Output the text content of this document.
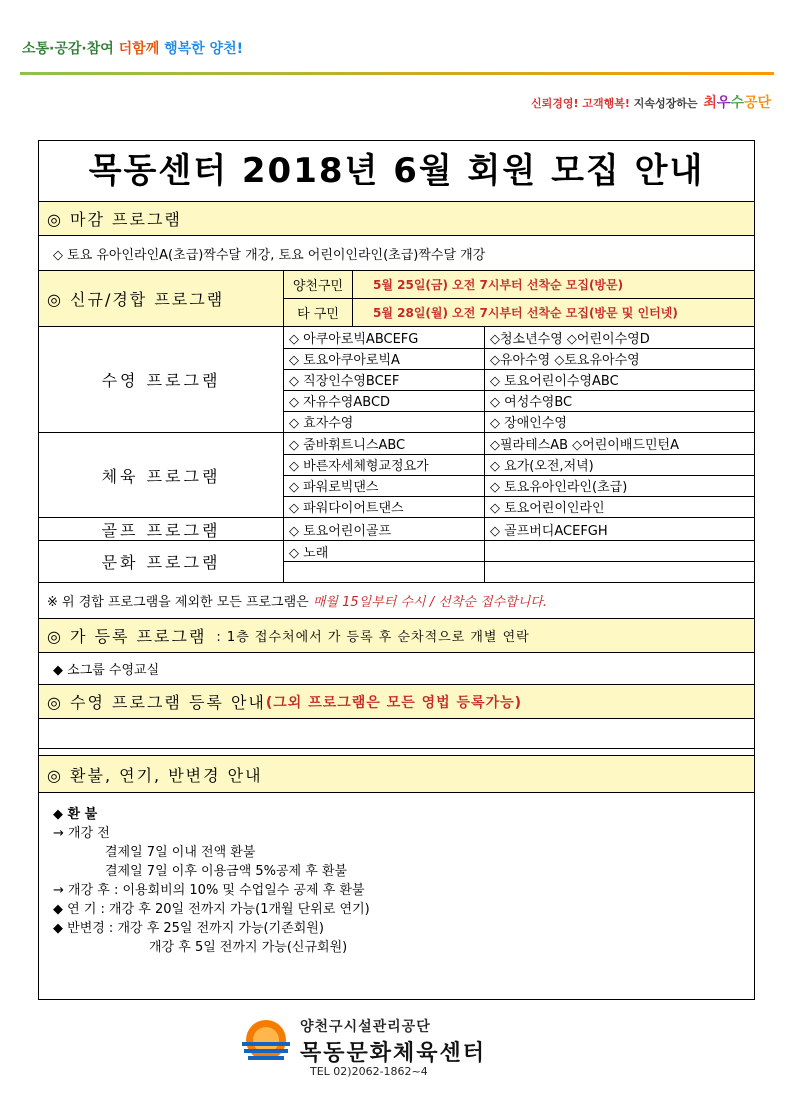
소통·공감·참여 더함께 행복한 양천!
신뢰경영! 고객행복! 지속성장하는 최우수공단
목동센터 2018년 6월 회원 모집 안내
◎ 마감 프로그램
◇ 토요 유아인라인A(초급)짝수달 개강, 토요 어린이인라인(초급)짝수달 개강
◎ 신규/경합 프로그램
양천구민	5월 25일(금) 오전 7시부터 선착순 모집(방문)
타 구민	5월 28일(월) 오전 7시부터 선착순 모집(방문 및 인터넷)
수영 프로그램
◇ 아쿠아로빅ABCEFG	◇청소년수영 ◇어린이수영D
◇ 토요아쿠아로빅A	◇유아수영 ◇토요유아수영
◇ 직장인수영BCEF	◇ 토요어린이수영ABC
◇ 자유수영ABCD	◇ 여성수영BC
◇ 효자수영	◇ 장애인수영
체육 프로그램
◇ 줌바휘트니스ABC	◇필라테스AB ◇어린이배드민턴A
◇ 바른자세체형교정요가	◇ 요가(오전,저녁)
◇ 파워로빅댄스	◇ 토요유아인라인(초급)
◇ 파워다이어트댄스	◇ 토요어린이인라인
골프 프로그램	◇ 토요어린이골프	◇ 골프버디ACEFGH
문화 프로그램	◇ 노래
※ 위 경합 프로그램을 제외한 모든 프로그램은 매월 15일부터 수시 / 선착순 접수합니다.
◎ 가 등록 프로그램 : 1층 접수처에서 가 등록 후 순차적으로 개별 연락
◆ 소그룹 수영교실
◎ 수영 프로그램 등록 안내 (그외 프로그램은 모든 영법 등록가능)
◎ 환불, 연기, 반변경 안내
◆ 환 불
→ 개강 전
결제일 7일 이내 전액 환불
결제일 7일 이후 이용금액 5%공제 후 환불
→ 개강 후 : 이용회비의 10% 및 수업일수 공제 후 환불
◆ 연 기 : 개강 후 20일 전까지 가능(1개월 단위로 연기)
◆ 반변경 : 개강 후 25일 전까지 가능(기존회원)
개강 후 5일 전까지 가능(신규회원)
양천구시설관리공단
목동문화체육센터
TEL 02)2062-1862~4
